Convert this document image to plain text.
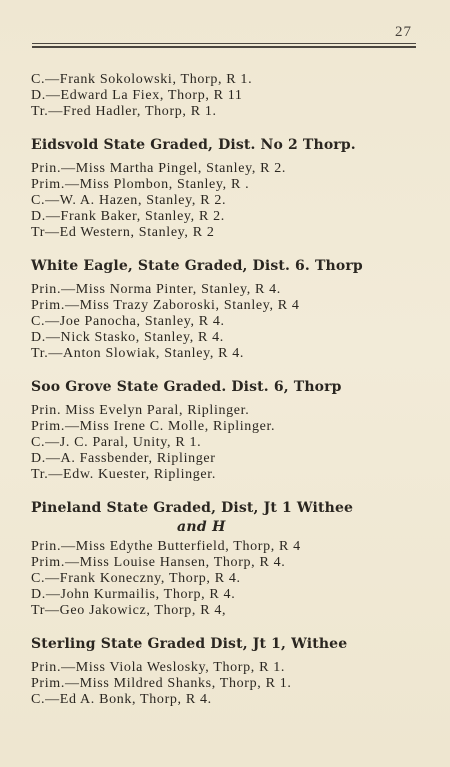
27

C.—Frank Sokolowski, Thorp, R 1.

D.—Edward La Fiex, Thorp, R 11

Tr.—Fred Hadler, Thorp, R 1.

Eidsvold State Graded, Dist. No 2 Thorp.

Prin.—Miss Martha Pingel, Stanley, R 2.

Prim.—Miss Plombon, Stanley, R .

C.—W. A. Hazen, Stanley, R 2.

D.—Frank Baker, Stanley, R 2.

Tr—Ed Western, Stanley, R 2

White Eagle, State Graded, Dist. 6. Thorp

Prin.—Miss Norma Pinter, Stanley, R 4.

Prim.—Miss Trazy Zaboroski, Stanley, R 4

C.—Joe Panocha, Stanley, R 4.

D.—Nick Stasko, Stanley, R 4.

Tr.—Anton Slowiak, Stanley, R 4.

Soo Grove State Graded. Dist. 6, Thorp

Prin. Miss Evelyn Paral, Riplinger.

Prim.—Miss Irene C. Molle, Riplinger.

C.—J. C. Paral, Unity, R 1.

D.—A. Fassbender, Riplinger

Tr.—Edw. Kuester, Riplinger.

Pineland State Graded, Dist, Jt 1 Withee
and H

Prin.—Miss Edythe Butterfield, Thorp, R 4

Prim.—Miss Louise Hansen, Thorp, R 4.

C.—Frank Koneczny, Thorp, R 4.

D.—John Kurmailis, Thorp, R 4.

Tr—Geo Jakowicz, Thorp, R 4,

Sterling State Graded Dist, Jt 1, Withee

Prin.—Miss Viola Weslosky, Thorp, R 1.

Prim.—Miss Mildred Shanks, Thorp, R 1.

C.—Ed A. Bonk, Thorp, R 4.
